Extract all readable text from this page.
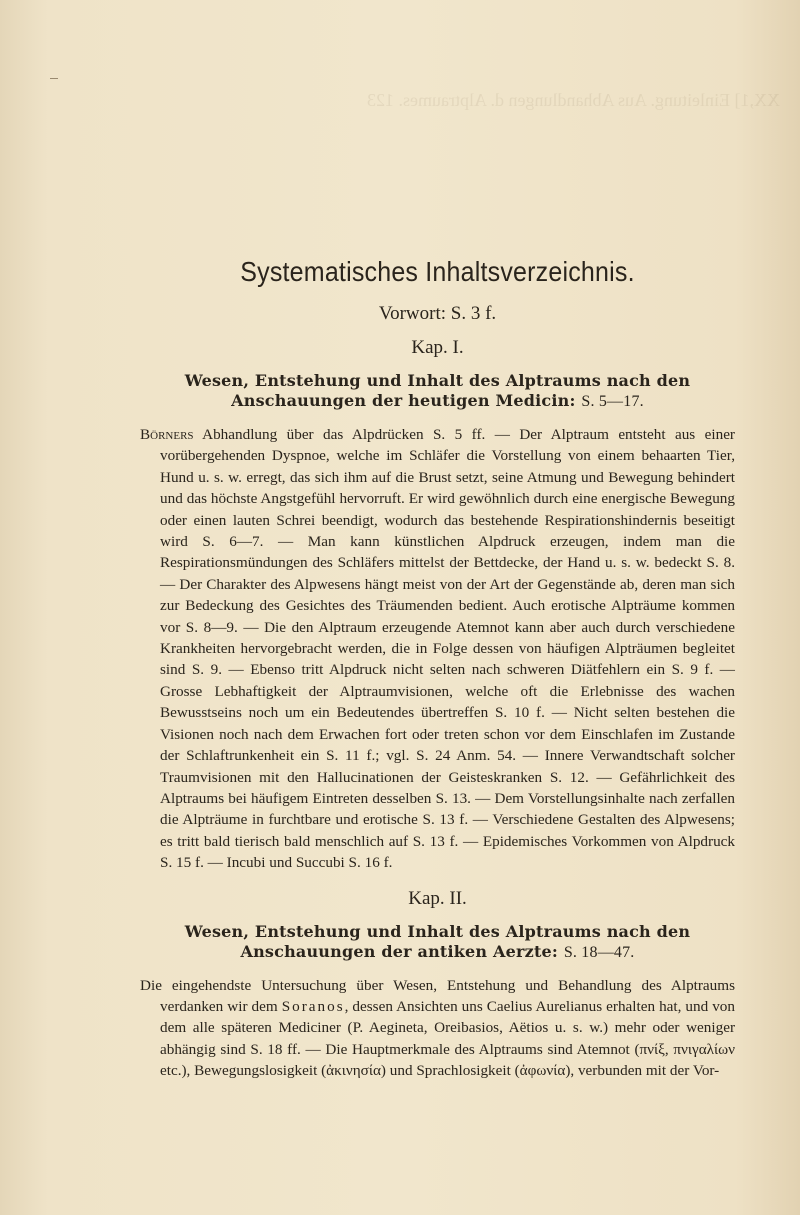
XX,1] Einleitung. Aus Abhandlungen d. Alptraumes. 123
Systematisches Inhaltsverzeichnis.

Vorwort: S. 3 f.

Kap. I.

Wesen, Entstehung und Inhalt des Alptraums nach den Anschauungen der heutigen Medicin: S. 5—17.

Börners Abhandlung über das Alpdrücken S. 5 ff. — Der Alptraum entsteht aus einer vorübergehenden Dyspnoe, welche im Schläfer die Vorstellung von einem behaarten Tier, Hund u. s. w. erregt, das sich ihm auf die Brust setzt, seine Atmung und Bewegung behindert und das höchste Angstgefühl hervorruft. Er wird gewöhnlich durch eine energische Bewegung oder einen lauten Schrei beendigt, wodurch das bestehende Respirationshindernis beseitigt wird S. 6—7. — Man kann künstlichen Alpdruck erzeugen, indem man die Respirationsmündungen des Schläfers mittelst der Bettdecke, der Hand u. s. w. bedeckt S. 8. — Der Charakter des Alpwesens hängt meist von der Art der Gegenstände ab, deren man sich zur Bedeckung des Gesichtes des Träumenden bedient. Auch erotische Alpträume kommen vor S. 8—9. — Die den Alptraum erzeugende Atemnot kann aber auch durch verschiedene Krankheiten hervorgebracht werden, die in Folge dessen von häufigen Alpträumen begleitet sind S. 9. — Ebenso tritt Alpdruck nicht selten nach schweren Diätfehlern ein S. 9 f. — Grosse Lebhaftigkeit der Alptraumvisionen, welche oft die Erlebnisse des wachen Bewusstseins noch um ein Bedeutendes übertreffen S. 10 f. — Nicht selten bestehen die Visionen noch nach dem Erwachen fort oder treten schon vor dem Einschlafen im Zustande der Schlaftrunkenheit ein S. 11 f.; vgl. S. 24 Anm. 54. — Innere Verwandtschaft solcher Traumvisionen mit den Hallucinationen der Geisteskranken S. 12. — Gefährlichkeit des Alptraums bei häufigem Eintreten desselben S. 13. — Dem Vorstellungsinhalte nach zerfallen die Alpträume in furchtbare und erotische S. 13 f. — Verschiedene Gestalten des Alpwesens; es tritt bald tierisch bald menschlich auf S. 13 f. — Epidemisches Vorkommen von Alpdruck S. 15 f. — Incubi und Succubi S. 16 f.

Kap. II.

Wesen, Entstehung und Inhalt des Alptraums nach den Anschauungen der antiken Aerzte: S. 18—47.

Die eingehendste Untersuchung über Wesen, Entstehung und Behandlung des Alptraums verdanken wir dem Soranos, dessen Ansichten uns Caelius Aurelianus erhalten hat, und von dem alle späteren Mediciner (P. Aegineta, Oreibasios, Aëtios u. s. w.) mehr oder weniger abhängig sind S. 18 ff. — Die Hauptmerkmale des Alptraums sind Atemnot (πνίξ, πνιγαλίων etc.), Bewegungslosigkeit (ἀκινησία) und Sprachlosigkeit (ἀφωνία), verbunden mit der Vor-
